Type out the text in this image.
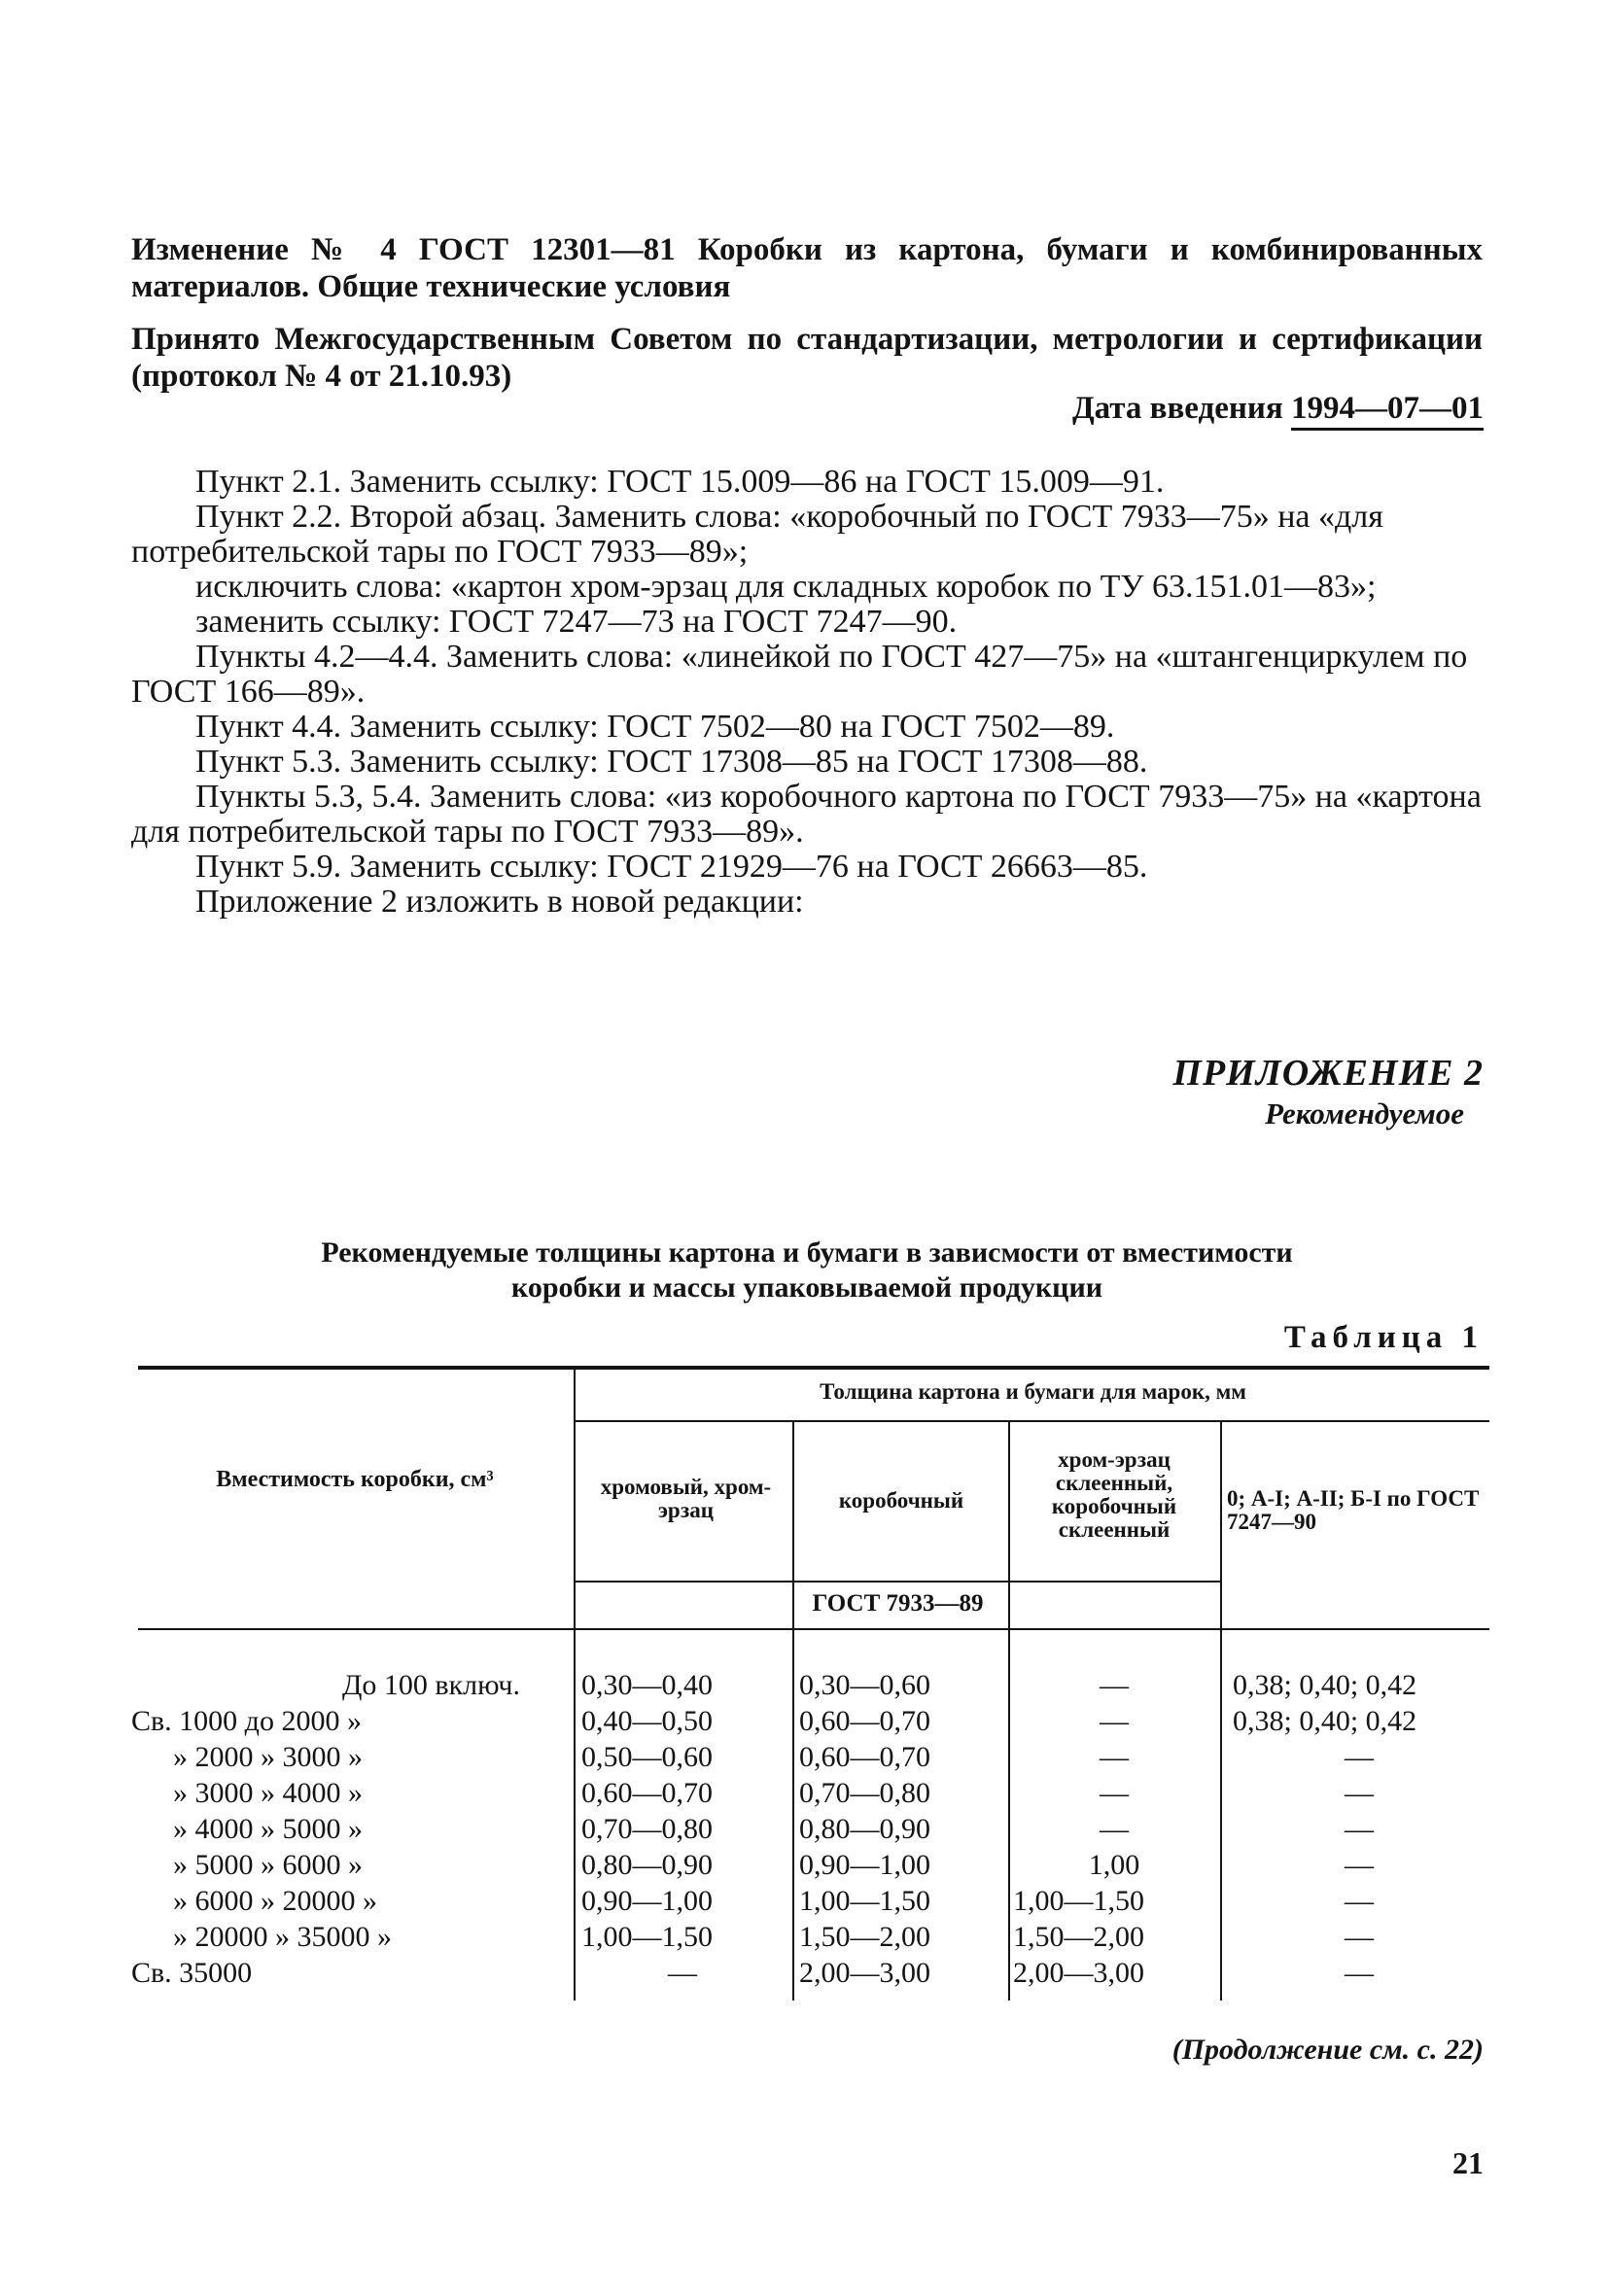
Изменение № 4 ГОСТ 12301—81 Коробки из картона, бумаги и комбинированных материалов. Общие технические условия
Принято Межгосударственным Советом по стандартизации, метрологии и сертификации (протокол № 4 от 21.10.93)
Дата введения 1994—07—01
Пункт 2.1. Заменить ссылку: ГОСТ 15.009—86 на ГОСТ 15.009—91.
Пункт 2.2. Второй абзац. Заменить слова: «коробочный по ГОСТ 7933—75» на «для потребительской тары по ГОСТ 7933—89»;
исключить слова: «картон хром-эрзац для складных коробок по ТУ 63.151.01—83»;
заменить ссылку: ГОСТ 7247—73 на ГОСТ 7247—90.
Пункты 4.2—4.4. Заменить слова: «линейкой по ГОСТ 427—75» на «штангенциркулем по ГОСТ 166—89».
Пункт 4.4. Заменить ссылку: ГОСТ 7502—80 на ГОСТ 7502—89.
Пункт 5.3. Заменить ссылку: ГОСТ 17308—85 на ГОСТ 17308—88.
Пункты 5.3, 5.4. Заменить слова: «из коробочного картона по ГОСТ 7933—75» на «картона для потребительской тары по ГОСТ 7933—89».
Пункт 5.9. Заменить ссылку: ГОСТ 21929—76 на ГОСТ 26663—85.
Приложение 2 изложить в новой редакции:
ПРИЛОЖЕНИЕ 2
Рекомендуемое
Рекомендуемые толщины картона и бумаги в зависмости от вместимости
коробки и массы упаковываемой продукции
Таблица 1
Вместимость коробки, см³
Толщина картона и бумаги для марок, мм
хромовый, хром-эрзац	коробочный
хром-эрзац склеенный, коробочный склеенный
0; А-I; А-II; Б-I по ГОСТ 7247—90
ГОСТ 7933—89
До 100 включ. 0,30—0,40	0,30—0,60	—	0,38; 0,40; 0,42
Св. 1000 до 2000 »	0,40—0,50	0,60—0,70	—	0,38; 0,40; 0,42
» 2000 » 3000 »	0,50—0,60	0,60—0,70	—	—
» 3000 » 4000 »	0,60—0,70	0,70—0,80	—	—
» 4000 » 5000 »	0,70—0,80	0,80—0,90	—	—
» 5000 » 6000 »	0,80—0,90	0,90—1,00	1,00	—
» 6000 » 20000 »	0,90—1,00	1,00—1,50	1,00—1,50	—
» 20000 » 35000 »	1,00—1,50	1,50—2,00	1,50—2,00	—
Св. 35000	—	2,00—3,00	2,00—3,00	—
(Продолжение см. с. 22)
21
